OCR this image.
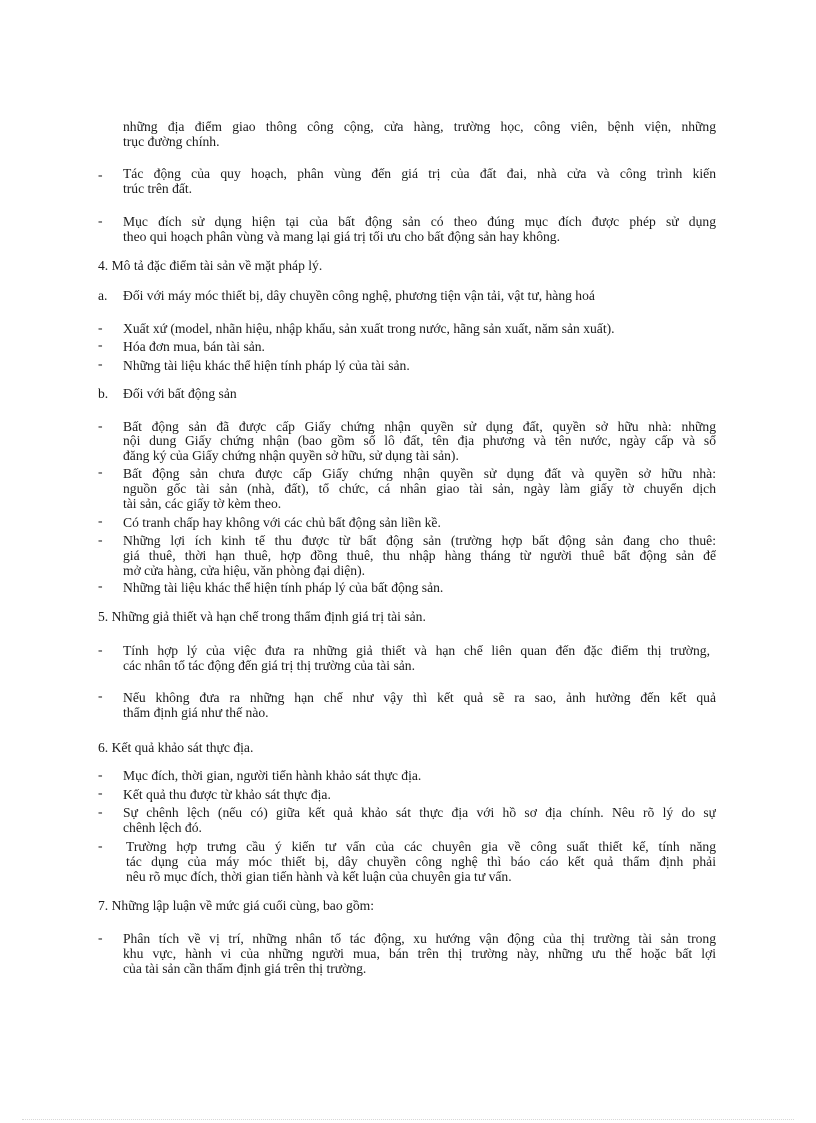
những địa điểm giao thông công cộng, cửa hàng, trường học, công viên, bệnh viện, những
trục đường chính.
- Tác động của quy hoạch, phân vùng đến giá trị của đất đai, nhà cửa và công trình kiến
trúc trên đất.
- Mục đích sử dụng hiện tại của bất động sản có theo đúng mục đích được phép sử dụng
theo qui hoạch phân vùng và mang lại giá trị tối ưu cho bất động sản hay không.
4. Mô tả đặc điểm tài sản về mặt pháp lý.
a. Đối với máy móc thiết bị, dây chuyền công nghệ, phương tiện vận tải, vật tư, hàng hoá
- Xuất xứ (model, nhãn hiệu, nhập khẩu, sản xuất trong nước, hãng sản xuất, năm sản xuất).
- Hóa đơn mua, bán tài sản.
- Những tài liệu khác thể hiện tính pháp lý của tài sản.
b. Đối với bất động sản
- Bất động sản đã được cấp Giấy chứng nhận quyền sử dụng đất, quyền sở hữu nhà: những
nội dung Giấy chứng nhận (bao gồm số lô đất, tên địa phương và tên nước, ngày cấp và số
đăng ký của Giấy chứng nhận quyền sở hữu, sử dụng tài sản).
- Bất động sản chưa được cấp Giấy chứng nhận quyền sử dụng đất và quyền sở hữu nhà:
nguồn gốc tài sản (nhà, đất), tổ chức, cá nhân giao tài sản, ngày làm giấy tờ chuyển dịch
tài sản, các giấy tờ kèm theo.
- Có tranh chấp hay không với các chủ bất động sản liền kề.
- Những lợi ích kinh tế thu được từ bất động sản (trường hợp bất động sản đang cho thuê:
giá thuê, thời hạn thuê, hợp đồng thuê, thu nhập hàng tháng từ người thuê bất động sản để
mở cửa hàng, cửa hiệu, văn phòng đại diện).
- Những tài liệu khác thể hiện tính pháp lý của bất động sản.
5. Những giả thiết và hạn chế trong thẩm định giá trị tài sản.
- Tính hợp lý của việc đưa ra những giả thiết và hạn chế liên quan đến đặc điểm thị trường,
các nhân tố tác động đến giá trị thị trường của tài sản.
- Nếu không đưa ra những hạn chế như vậy thì kết quả sẽ ra sao, ảnh hưởng đến kết quả
thẩm định giá như thế nào.
6. Kết quả khảo sát thực địa.
- Mục đích, thời gian, người tiến hành khảo sát thực địa.
- Kết quả thu được từ khảo sát thực địa.
- Sự chênh lệch (nếu có) giữa kết quả khảo sát thực địa với hồ sơ địa chính. Nêu rõ lý do sự
chênh lệch đó.
- Trường hợp trưng cầu ý kiến tư vấn của các chuyên gia về công suất thiết kế, tính năng
tác dụng của máy móc thiết bị, dây chuyền công nghệ thì báo cáo kết quả thẩm định phải
nêu rõ mục đích, thời gian tiến hành và kết luận của chuyên gia tư vấn.
7. Những lập luận về mức giá cuối cùng, bao gồm:
- Phân tích về vị trí, những nhân tố tác động, xu hướng vận động của thị trường tài sản trong
khu vực, hành vi của những người mua, bán trên thị trường này, những ưu thế hoặc bất lợi
của tài sản cần thẩm định giá trên thị trường.
